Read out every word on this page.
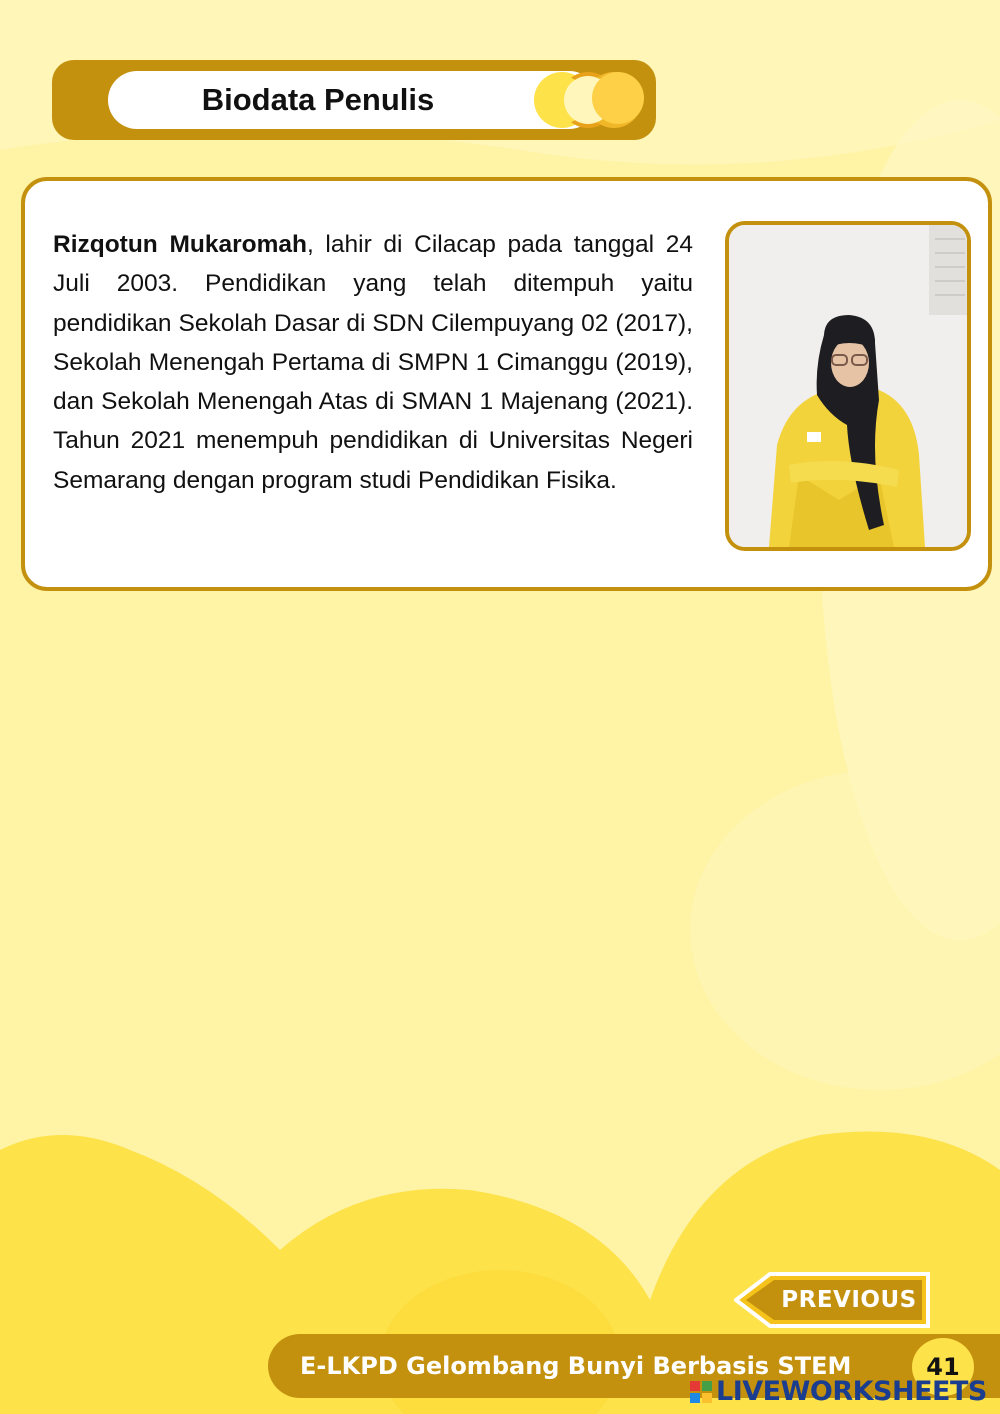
Biodata Penulis

Rizqotun Mukaromah, lahir di Cilacap pada tanggal 24 Juli 2003. Pendidikan yang telah ditempuh yaitu pendidikan Sekolah Dasar di SDN Cilempuyang 02 (2017), Sekolah Menengah Pertama di SMPN 1 Cimanggu (2019), dan Sekolah Menengah Atas di SMAN 1 Majenang (2021). Tahun 2021 menempuh pendidikan di Universitas Negeri Semarang dengan program studi Pendidikan Fisika.

PREVIOUS
E-LKPD Gelombang Bunyi Berbasis STEM	41
LIVEWORKSHEETS
